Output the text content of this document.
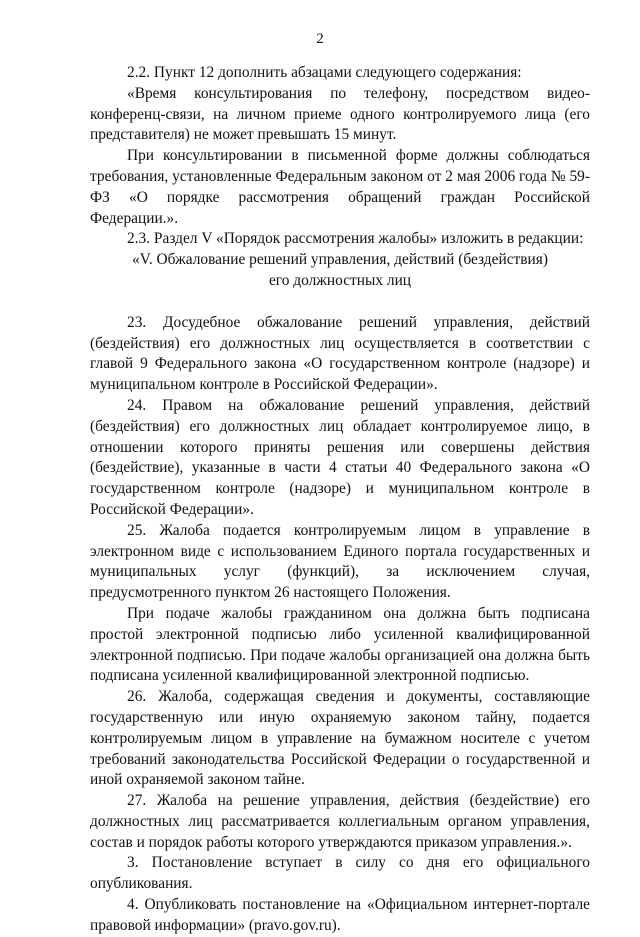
2

2.2. Пункт 12 дополнить абзацами следующего содержания:

«Время консультирования по телефону, посредством видео-конференц-связи, на личном приеме одного контролируемого лица (его представителя) не может превышать 15 минут.

При консультировании в письменной форме должны соблюдаться требования, установленные Федеральным законом от 2 мая 2006 года № 59-ФЗ «О порядке рассмотрения обращений граждан Российской Федерации.».

2.3. Раздел V «Порядок рассмотрения жалобы» изложить в редакции:

«V. Обжалование решений управления, действий (бездействия)

его должностных лиц

23. Досудебное обжалование решений управления, действий (бездействия) его должностных лиц осуществляется в соответствии с главой 9 Федерального закона «О государственном контроле (надзоре) и муниципальном контроле в Российской Федерации».

24. Правом на обжалование решений управления, действий (бездействия) его должностных лиц обладает контролируемое лицо, в отношении которого приняты решения или совершены действия (бездействие), указанные в части 4 статьи 40 Федерального закона «О государственном контроле (надзоре) и муниципальном контроле в Российской Федерации».

25. Жалоба подается контролируемым лицом в управление в электронном виде с использованием Единого портала государственных и муниципальных услуг (функций), за исключением случая, предусмотренного пунктом 26 настоящего Положения.

При подаче жалобы гражданином она должна быть подписана простой электронной подписью либо усиленной квалифицированной электронной подписью. При подаче жалобы организацией она должна быть подписана усиленной квалифицированной электронной подписью.

26. Жалоба, содержащая сведения и документы, составляющие государственную или иную охраняемую законом тайну, подается контролируемым лицом в управление на бумажном носителе с учетом требований законодательства Российской Федерации о государственной и иной охраняемой законом тайне.

27. Жалоба на решение управления, действия (бездействие) его должностных лиц рассматривается коллегиальным органом управления, состав и порядок работы которого утверждаются приказом управления.».

3. Постановление вступает в силу со дня его официального опубликования.

4. Опубликовать постановление на «Официальном интернет-портале правовой информации» (pravo.gov.ru).
